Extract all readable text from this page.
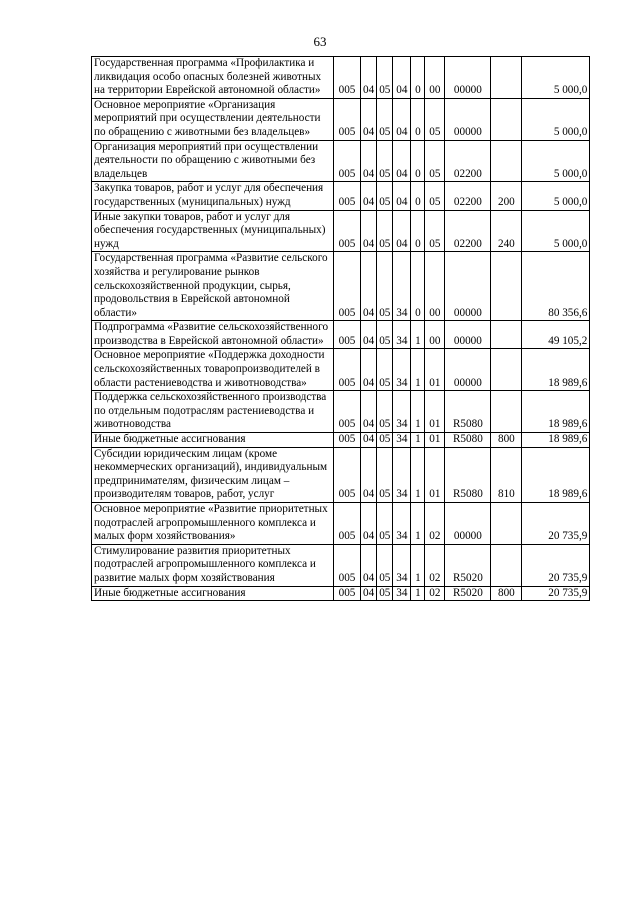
63
Государственная программа «Профилактика и ликвидация особо опасных болезней животных на территории Еврейской автономной области»	005	04	05	04	0	00	00000		5 000,0
Основное мероприятие «Организация мероприятий при осуществлении деятельности по обращению с животными без владельцев»	005	04	05	04	0	05	00000		5 000,0
Организация мероприятий при осуществлении деятельности по обращению с животными без владельцев	005	04	05	04	0	05	02200		5 000,0
Закупка товаров, работ и услуг для обеспечения государственных (муниципальных) нужд	005	04	05	04	0	05	02200	200	5 000,0
Иные закупки товаров, работ и услуг для обеспечения государственных (муниципальных) нужд	005	04	05	04	0	05	02200	240	5 000,0
Государственная программа «Развитие сельского хозяйства и регулирование рынков сельскохозяйственной продукции, сырья, продовольствия в Еврейской автономной области»	005	04	05	34	0	00	00000		80 356,6
Подпрограмма «Развитие сельскохозяйственного производства в Еврейской автономной области»	005	04	05	34	1	00	00000		49 105,2
Основное мероприятие «Поддержка доходности сельскохозяйственных товаропроизводителей в области растениеводства и животноводства»	005	04	05	34	1	01	00000		18 989,6
Поддержка сельскохозяйственного производства по отдельным подотраслям растениеводства и животноводства	005	04	05	34	1	01	R5080		18 989,6
Иные бюджетные ассигнования	005	04	05	34	1	01	R5080	800	18 989,6
Субсидии юридическим лицам (кроме некоммерческих организаций), индивидуальным предпринимателям, физическим лицам – производителям товаров, работ, услуг	005	04	05	34	1	01	R5080	810	18 989,6
Основное мероприятие «Развитие приоритетных подотраслей агропромышленного комплекса и малых форм хозяйствования»	005	04	05	34	1	02	00000		20 735,9
Стимулирование развития приоритетных подотраслей агропромышленного комплекса и развитие малых форм хозяйствования	005	04	05	34	1	02	R5020		20 735,9
Иные бюджетные ассигнования	005	04	05	34	1	02	R5020	800	20 735,9
